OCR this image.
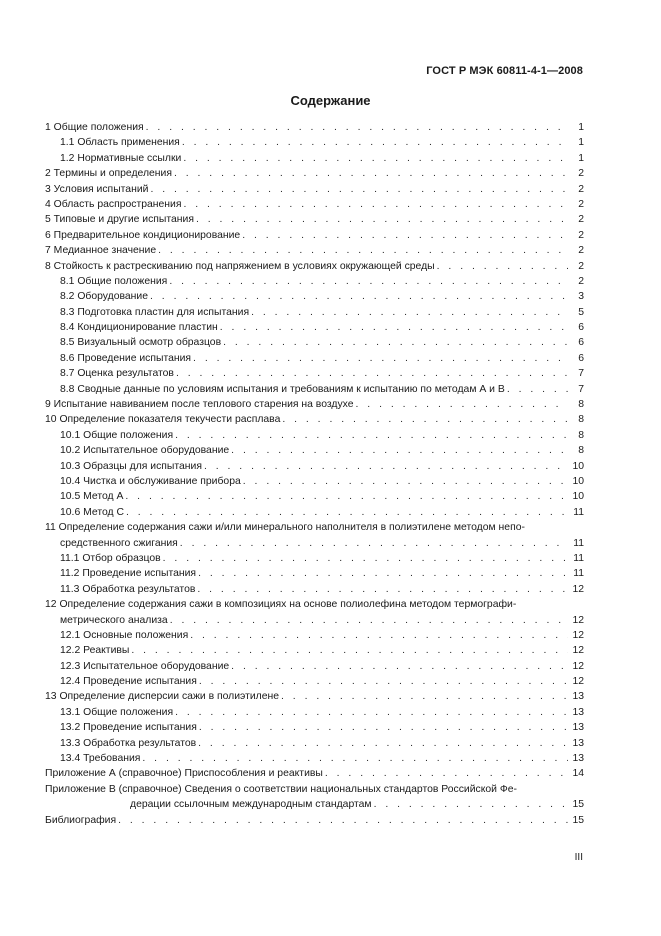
ГОСТ Р МЭК 60811-4-1—2008
Содержание
1 Общие положения . . .	1
1.1 Область применения . . .	1
1.2 Нормативные ссылки . . .	1
2 Термины и определения . . .	2
3 Условия испытаний . . .	2
4 Область распространения . . .	2
5 Типовые и другие испытания . . .	2
6 Предварительное кондиционирование . . .	2
7 Медианное значение . . .	2
8 Стойкость к растрескиванию под напряжением в условиях окружающей среды . . .	2
8.1 Общие положения . . .	2
8.2 Оборудование . . .	3
8.3 Подготовка пластин для испытания . . .	5
8.4 Кондиционирование пластин . . .	6
8.5 Визуальный осмотр образцов . . .	6
8.6 Проведение испытания . . .	6
8.7 Оценка результатов . . .	7
8.8 Сводные данные по условиям испытания и требованиям к испытанию по методам А и В . . .	7
9 Испытание навиванием после теплового старения на воздухе . . .	8
10 Определение показателя текучести расплава . . .	8
10.1 Общие положения . . .	8
10.2 Испытательное оборудование . . .	8
10.3 Образцы для испытания . . .	10
10.4 Чистка и обслуживание прибора . . .	10
10.5 Метод А . . .	10
10.6 Метод С . . .	11
11 Определение содержания сажи и/или минерального наполнителя в полиэтилене методом непо-
средственного сжигания . . .	11
11.1 Отбор образцов . . .	11
11.2 Проведение испытания . . .	11
11.3 Обработка результатов . . .	12
12 Определение содержания сажи в композициях на основе полиолефина методом термографи-
метрического анализа . . .	12
12.1 Основные положения . . .	12
12.2 Реактивы . . .	12
12.3 Испытательное оборудование . . .	12
12.4 Проведение испытания . . .	12
13 Определение дисперсии сажи в полиэтилене . . .	13
13.1 Общие положения . . .	13
13.2 Проведение испытания . . .	13
13.3 Обработка результатов . . .	13
13.4 Требования . . .	13
Приложение А (справочное) Приспособления и реактивы . . .	14
Приложение В (справочное) Сведения о соответствии национальных стандартов Российской Фе-
дерации ссылочным международным стандартам . . .	15
Библиография . . .	15
III
